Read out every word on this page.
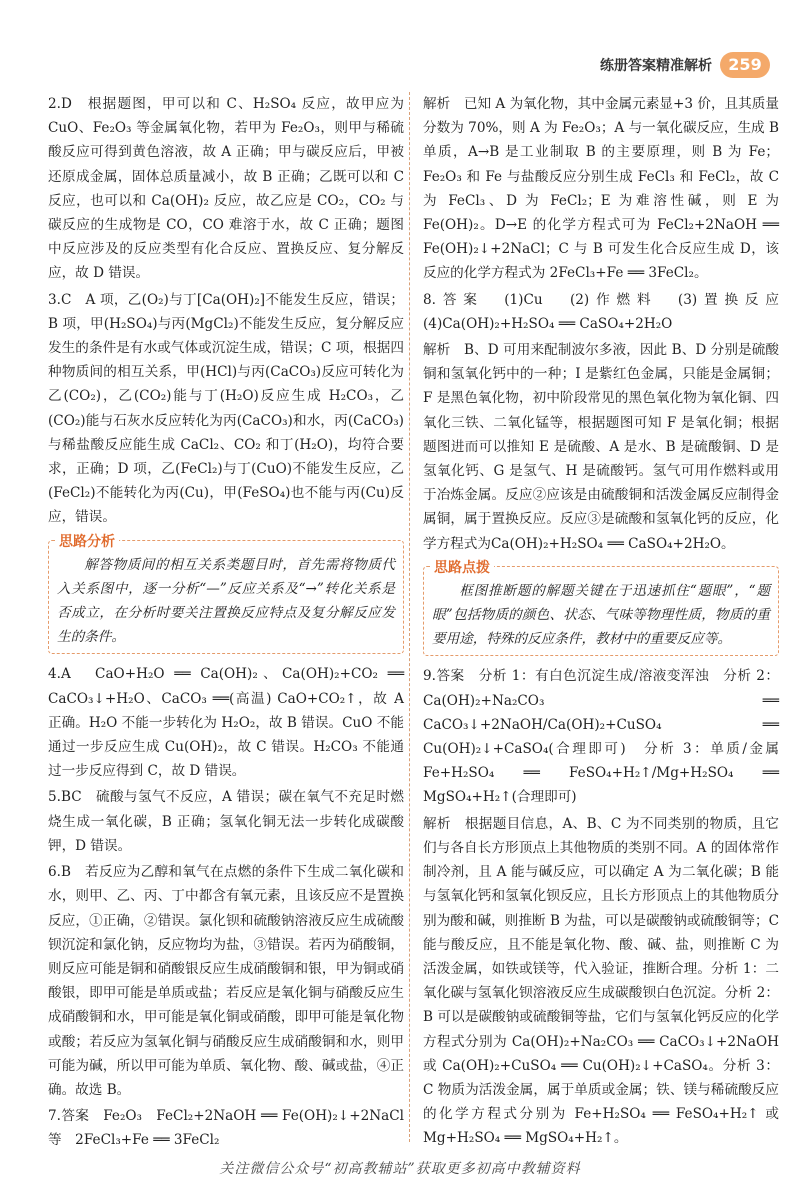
练册答案精准解析	259

2.D　根据题图，甲可以和 C、H₂SO₄ 反应，故甲应为 CuO、Fe₂O₃ 等金属氧化物，若甲为 Fe₂O₃，则甲与稀硫酸反应可得到黄色溶液，故 A 正确；甲与碳反应后，甲被还原成金属，固体总质量减小，故 B 正确；乙既可以和 C 反应，也可以和 Ca(OH)₂ 反应，故乙应是 CO₂，CO₂ 与碳反应的生成物是 CO，CO 难溶于水，故 C 正确；题图中反应涉及的反应类型有化合反应、置换反应、复分解反应，故 D 错误。

3.C　A 项，乙(O₂)与丁[Ca(OH)₂]不能发生反应，错误；B 项，甲(H₂SO₄)与丙(MgCl₂)不能发生反应，复分解反应发生的条件是有水或气体或沉淀生成，错误；C 项，根据四种物质间的相互关系，甲(HCl)与丙(CaCO₃)反应可转化为乙(CO₂)，乙(CO₂)能与丁(H₂O)反应生成 H₂CO₃，乙(CO₂)能与石灰水反应转化为丙(CaCO₃)和水，丙(CaCO₃)与稀盐酸反应能生成 CaCl₂、CO₂ 和丁(H₂O)，均符合要求，正确；D 项，乙(FeCl₂)与丁(CuO)不能发生反应，乙(FeCl₂)不能转化为丙(Cu)，甲(FeSO₄)也不能与丙(Cu)反应，错误。

思路分析
解答物质间的相互关系类题目时，首先需将物质代入关系图中，逐一分析“—”反应关系及“→”转化关系是否成立，在分析时要关注置换反应特点及复分解反应发生的条件。

4.A　CaO+H₂O ══ Ca(OH)₂、Ca(OH)₂+CO₂ ══ CaCO₃↓+H₂O、CaCO₃ ══(高温) CaO+CO₂↑，故 A 正确。H₂O 不能一步转化为 H₂O₂，故 B 错误。CuO 不能通过一步反应生成 Cu(OH)₂，故 C 错误。H₂CO₃ 不能通过一步反应得到 C，故 D 错误。

5.BC　硫酸与氢气不反应，A 错误；碳在氧气不充足时燃烧生成一氧化碳，B 正确；氢氧化铜无法一步转化成碳酸钾，D 错误。

6.B　若反应为乙醇和氧气在点燃的条件下生成二氧化碳和水，则甲、乙、丙、丁中都含有氧元素，且该反应不是置换反应，①正确，②错误。氯化钡和硫酸钠溶液反应生成硫酸钡沉淀和氯化钠，反应物均为盐，③错误。若丙为硝酸铜，则反应可能是铜和硝酸银反应生成硝酸铜和银，甲为铜或硝酸银，即甲可能是单质或盐；若反应是氧化铜与硝酸反应生成硝酸铜和水，甲可能是氧化铜或硝酸，即甲可能是氧化物或酸；若反应为氢氧化铜与硝酸反应生成硝酸铜和水，则甲可能为碱，所以甲可能为单质、氧化物、酸、碱或盐，④正确。故选 B。

7.答案　Fe₂O₃　FeCl₂+2NaOH ══ Fe(OH)₂↓+2NaCl　等　2FeCl₃+Fe ══ 3FeCl₂

解析　已知 A 为氧化物，其中金属元素显+3 价，且其质量分数为 70%，则 A 为 Fe₂O₃；A 与一氧化碳反应，生成 B 单质，A→B 是工业制取 B 的主要原理，则 B 为 Fe；Fe₂O₃ 和 Fe 与盐酸反应分别生成 FeCl₃ 和 FeCl₂，故 C 为 FeCl₃、D 为 FeCl₂；E 为难溶性碱，则 E 为 Fe(OH)₂。D→E 的化学方程式可为 FeCl₂+2NaOH ══ Fe(OH)₂↓+2NaCl；C 与 B 可发生化合反应生成 D，该反应的化学方程式为 2FeCl₃+Fe ══ 3FeCl₂。

8.答案　(1)Cu　(2)作燃料　(3)置换反应　(4)Ca(OH)₂+H₂SO₄ ══ CaSO₄+2H₂O

解析　B、D 可用来配制波尔多液，因此 B、D 分别是硫酸铜和氢氧化钙中的一种；I 是紫红色金属，只能是金属铜；F 是黑色氧化物，初中阶段常见的黑色氧化物为氧化铜、四氧化三铁、二氧化锰等，根据题图可知 F 是氧化铜；根据题图进而可以推知 E 是硫酸、A 是水、B 是硫酸铜、D 是氢氧化钙、G 是氢气、H 是硫酸钙。氢气可用作燃料或用于冶炼金属。反应②应该是由硫酸铜和活泼金属反应制得金属铜，属于置换反应。反应③是硫酸和氢氧化钙的反应，化学方程式为Ca(OH)₂+H₂SO₄ ══ CaSO₄+2H₂O。

思路点拨
框图推断题的解题关键在于迅速抓住“题眼”，“题眼”包括物质的颜色、状态、气味等物理性质，物质的重要用途，特殊的反应条件，教材中的重要反应等。

9.答案　分析 1：有白色沉淀生成/溶液变浑浊　分析 2：Ca(OH)₂+Na₂CO₃ ══ CaCO₃↓+2NaOH/Ca(OH)₂+CuSO₄ ══ Cu(OH)₂↓+CaSO₄(合理即可)　分析 3：单质/金属　Fe+H₂SO₄ ══ FeSO₄+H₂↑/Mg+H₂SO₄ ══ MgSO₄+H₂↑(合理即可)

解析　根据题目信息，A、B、C 为不同类别的物质，且它们与各自长方形顶点上其他物质的类别不同。A 的固体常作制冷剂，且 A 能与碱反应，可以确定 A 为二氧化碳；B 能与氢氧化钙和氢氧化钡反应，且长方形顶点上的其他物质分别为酸和碱，则推断 B 为盐，可以是碳酸钠或硫酸铜等；C 能与酸反应，且不能是氧化物、酸、碱、盐，则推断 C 为活泼金属，如铁或镁等，代入验证，推断合理。分析 1：二氧化碳与氢氧化钡溶液反应生成碳酸钡白色沉淀。分析 2：B 可以是碳酸钠或硫酸铜等盐，它们与氢氧化钙反应的化学方程式分别为 Ca(OH)₂+Na₂CO₃ ══ CaCO₃↓+2NaOH 或 Ca(OH)₂+CuSO₄ ══ Cu(OH)₂↓+CaSO₄。分析 3：C 物质为活泼金属，属于单质或金属；铁、镁与稀硫酸反应的化学方程式分别为 Fe+H₂SO₄ ══ FeSO₄+H₂↑ 或 Mg+H₂SO₄ ══ MgSO₄+H₂↑。

关注微信公众号“初高教辅站”获取更多初高中教辅资料
